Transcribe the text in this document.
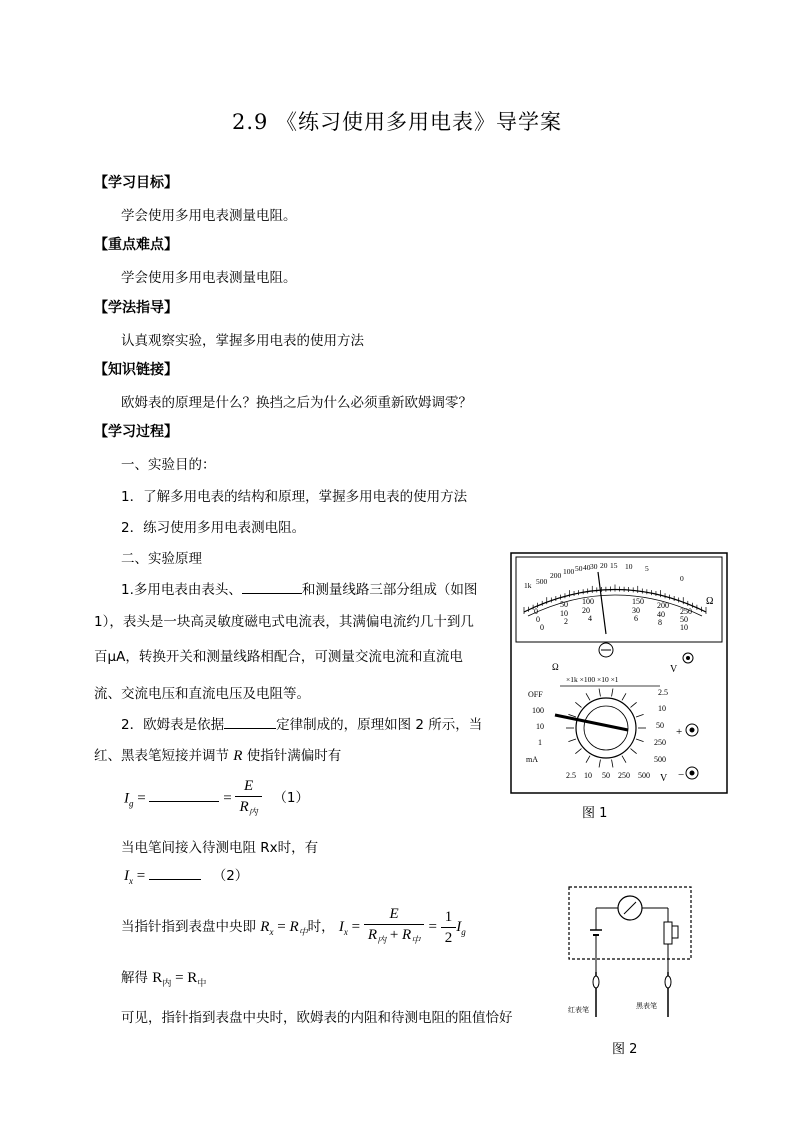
2.9 《练习使用多用电表》导学案
【学习目标】
学会使用多用电表测量电阻。
【重点难点】
学会使用多用电表测量电阻。
【学法指导】
认真观察实验，掌握多用电表的使用方法
【知识链接】
欧姆表的原理是什么？换挡之后为什么必须重新欧姆调零？
【学习过程】
一、实验目的：
1．了解多用电表的结构和原理，掌握多用电表的使用方法
2．练习使用多用电表测电阻。
二、实验原理
1.多用电表由表头、	和测量线路三部分组成（如图
1），表头是一块高灵敏度磁电式电流表，其满偏电流约几十到几
百μA，转换开关和测量线路相配合，可测量交流电流和直流电
流、交流电压和直流电压及电阻等。
2．欧姆表是依据	定律制成的，原理如图 2 所示，当
红、黑表笔短接并调节 R 使指针满偏时有
$I_g$ =	= $\frac{E}{R_内} (1)$
当电笔间接入待测电阻 Rx时，有
$I_x$ =	（2）
当指针指到表盘中央即 $R_x = R_中$时， $I_x = \frac{E}{R_内 + R_中} = \frac{1}{2} I_g$
解得 $R_内 = R_中$
可见，指针指到表盘中央时，欧姆表的内阻和待测电阻的阻值恰好
1k 500
200 100 50 40 30 20 15 10 5
0
Ω
0
50 100	150 200
250
0
10 20	30 40
50
0
2	4	6	8
10
Ω
×1k ×100 ×10 ×1
OFF
100
10
1
mA
2.5
10
50
250
500
2.5 10 50 250 500 V
V
+
−
图 1
红表笔	黑表笔
图 2
